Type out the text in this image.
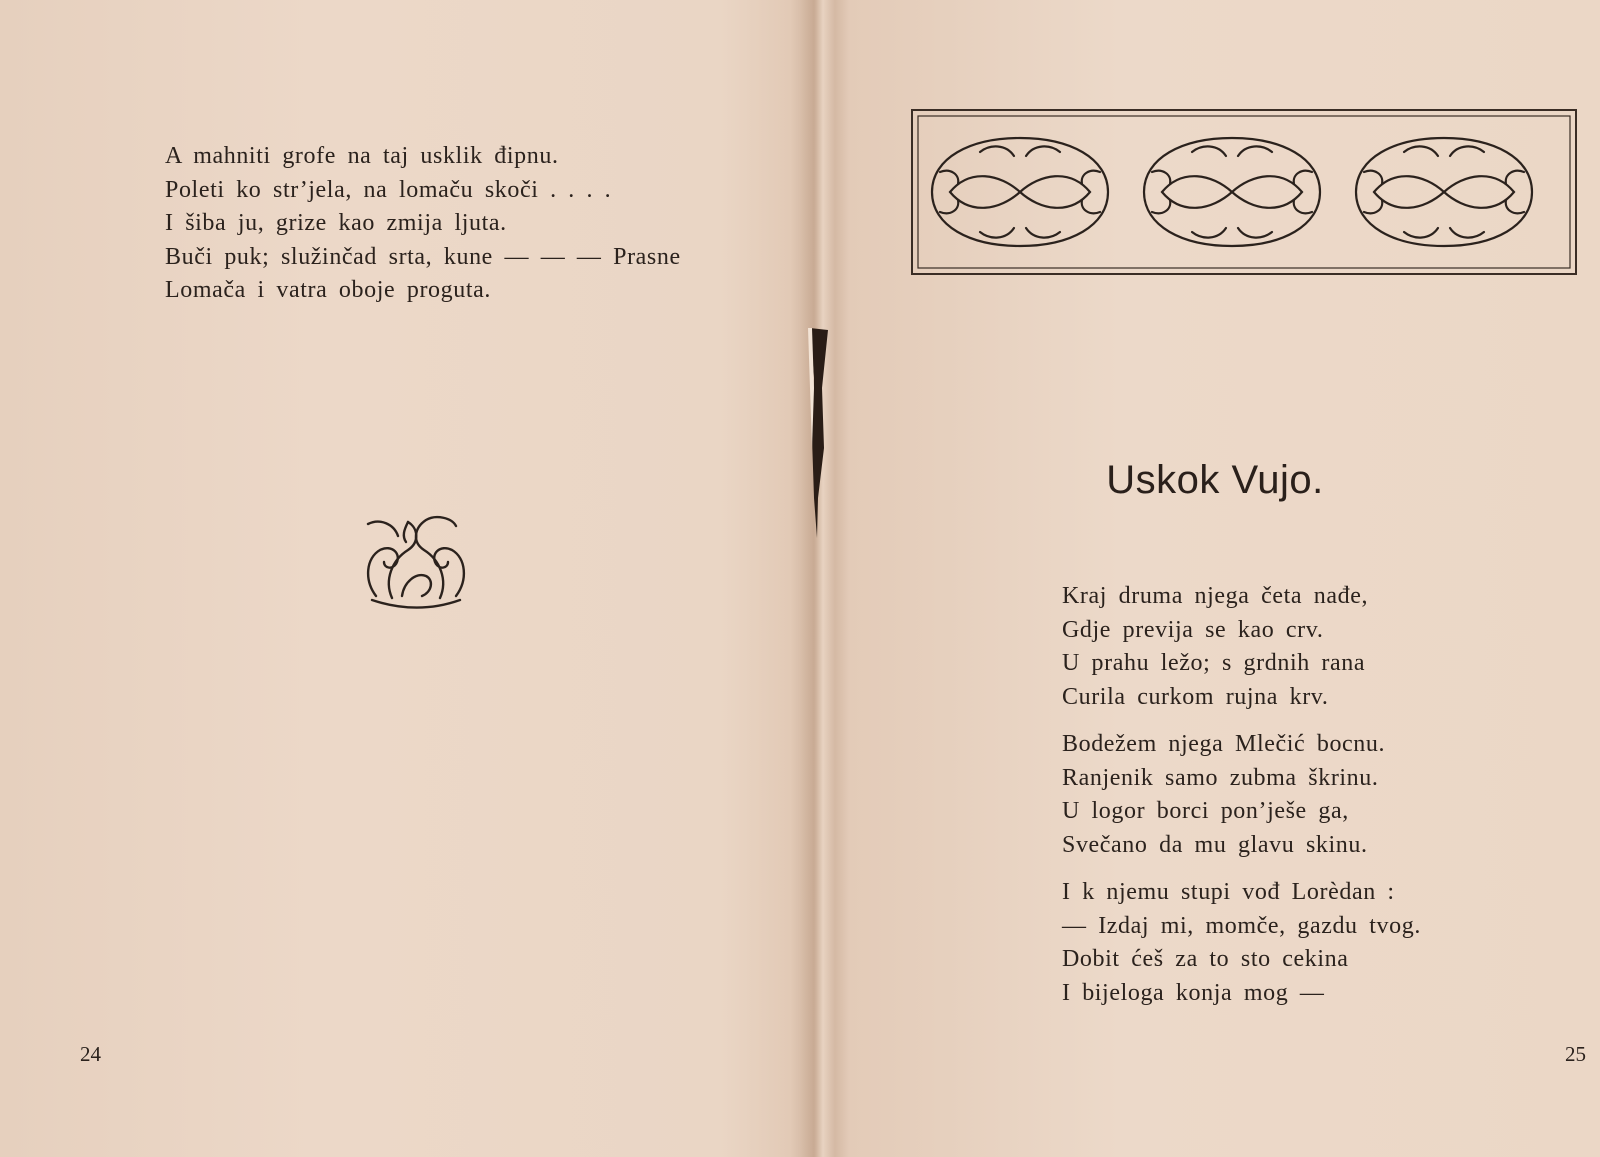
A mahniti grofe na taj usklik đipnu.
Poleti ko str’jela, na lomaču skoči . . . .
I šiba ju, grize kao zmija ljuta.
Buči puk; služinčad srta, kune — — — Prasne
Lomača i vatra oboje proguta.
24
Uskok Vujo.
Kraj druma njega četa nađe,
Gdje previja se kao crv.
U prahu ležo; s grdnih rana
Curila curkom rujna krv.
Bodežem njega Mlečić bocnu.
Ranjenik samo zubma škrinu.
U logor borci pon’ješe ga,
Svečano da mu glavu skinu.
I k njemu stupi vođ Lorèdan :
— Izdaj mi, momče, gazdu tvog.
Dobit ćeš za to sto cekina
I bijeloga konja mog —
25
